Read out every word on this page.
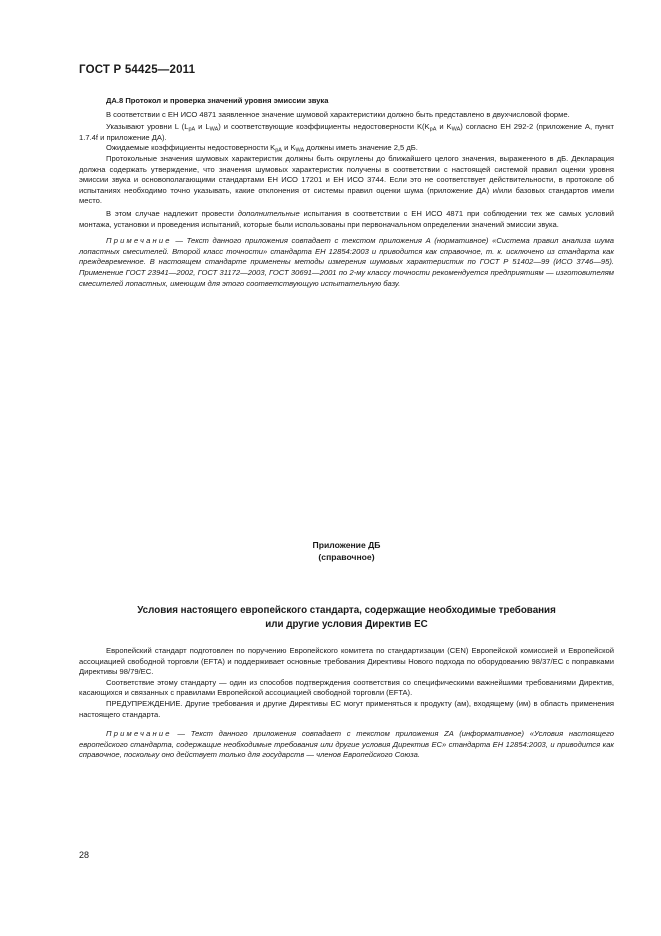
ГОСТ Р 54425—2011

ДА.8 Протокол и проверка значений уровня эмиссии звука

В соответствии с ЕН ИСО 4871 заявленное значение шумовой характеристики должно быть представлено в двухчисловой форме.

Указывают уровни L ($L_{pA}$ и $L_{WA}$) и соответствующие коэффициенты недостоверности $K(K_{pA}$ и $K_{WA}$) согласно ЕН 292-2 (приложение А, пункт 1.7.4f и приложение ДА).

Ожидаемые коэффициенты недостоверности $K_{pA}$ и $K_{WA}$ должны иметь значение 2,5 дБ.

Протокольные значения шумовых характеристик должны быть округлены до ближайшего целого значения, выраженного в дБ. Декларация должна содержать утверждение, что значения шумовых характеристик получены в соответствии с настоящей системой правил оценки уровня эмиссии звука и основополагающими стандартами ЕН ИСО 17201 и ЕН ИСО 3744. Если это не соответствует действительности, в протоколе об испытаниях необходимо точно указывать, какие отклонения от системы правил оценки шума (приложение ДА) и/или базовых стандартов имели место.

В этом случае надлежит провести дополнительные испытания в соответствии с ЕН ИСО 4871 при соблюдении тех же самых условий монтажа, установки и проведения испытаний, которые были использованы при первоначальном определении значений эмиссии звука.

Примечание — Текст данного приложения совпадает с текстом приложения А (нормативное) «Система правил анализа шума лопастных смесителей. Второй класс точности» стандарта ЕН 12854:2003 и приводится как справочное, т. к. исключено из стандарта как преждевременное. В настоящем стандарте применены методы измерения шумовых характеристик по ГОСТ Р 51402—99 (ИСО 3746—95). Применение ГОСТ 23941—2002, ГОСТ 31172—2003, ГОСТ 30691—2001 по 2-му классу точности рекомендуется предприятиям — изготовителям смесителей лопастных, имеющим для этого соответствующую испытательную базу.

Приложение ДБ
(справочное)
Условия настоящего европейского стандарта, содержащие необходимые требования
или другие условия Директив ЕС

Европейский стандарт подготовлен по поручению Европейского комитета по стандартизации (CEN) Европейской комиссией и Европейской ассоциацией свободной торговли (EFTA) и поддерживает основные требования Директивы Нового подхода по оборудованию 98/37/ЕС с поправками Директивы 98/79/ЕС.

Соответствие этому стандарту — один из способов подтверждения соответствия со специфическими важнейшими требованиями Директив, касающихся и связанных с правилами Европейской ассоциацией свободной торговли (EFTA).

ПРЕДУПРЕЖДЕНИЕ. Другие требования и другие Директивы ЕС могут применяться к продукту (ам), входящему (им) в область применения настоящего стандарта.

Примечание — Текст данного приложения совпадает с текстом приложения ZA (информативное) «Условия настоящего европейского стандарта, содержащие необходимые требования или другие условия Директив ЕС» стандарта ЕН 12854:2003, и приводится как справочное, поскольку оно действует только для государств — членов Европейского Союза.

28
